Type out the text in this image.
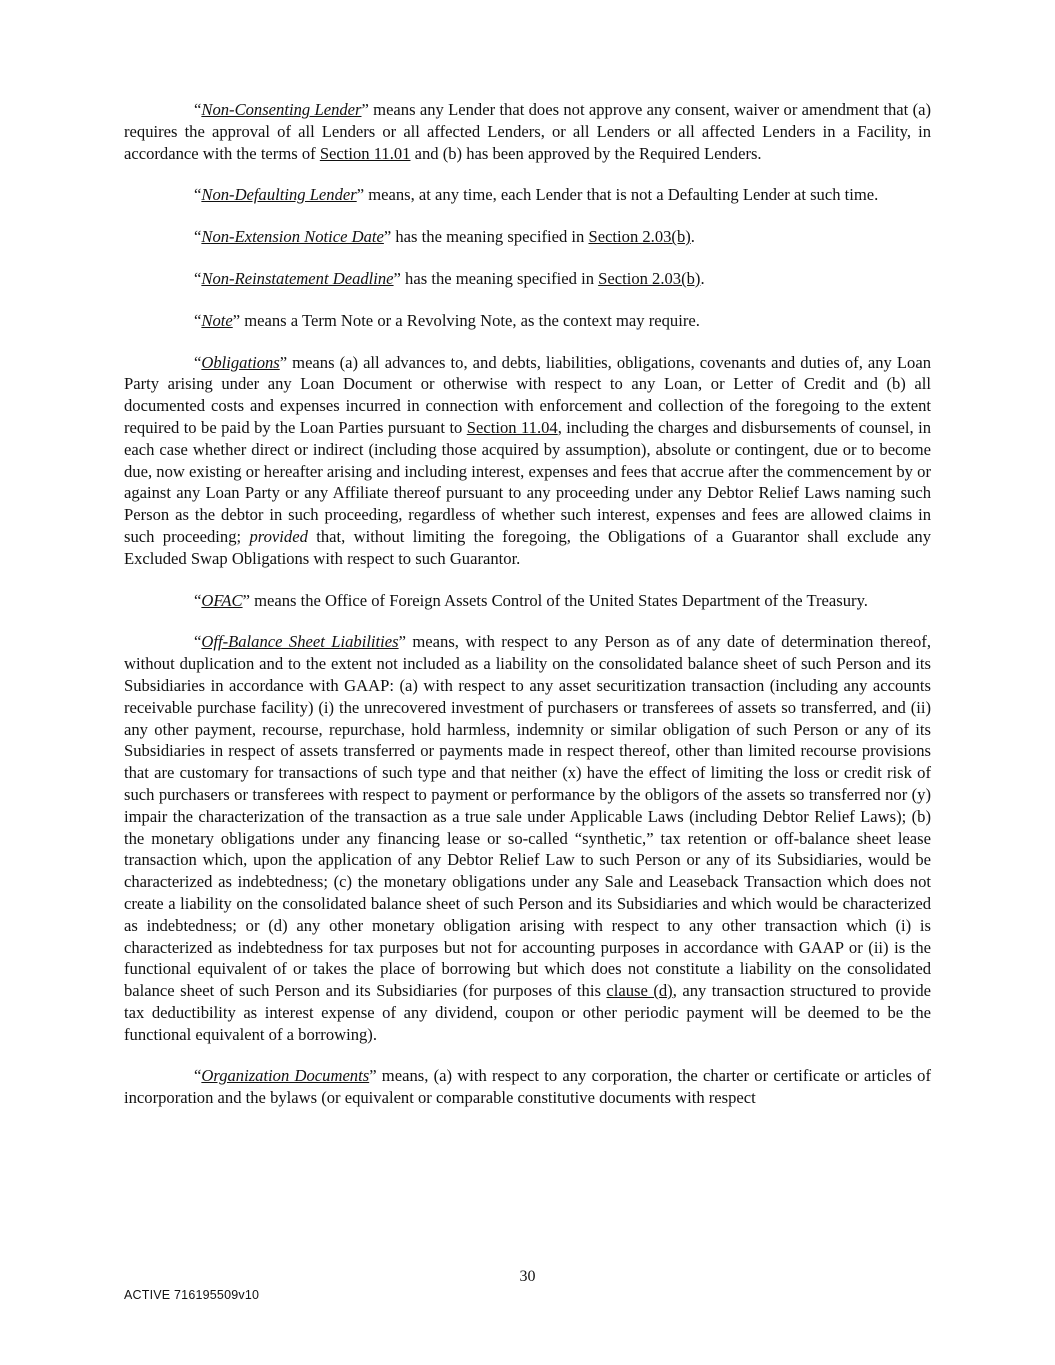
“Non-Consenting Lender” means any Lender that does not approve any consent, waiver or amendment that (a) requires the approval of all Lenders or all affected Lenders, or all Lenders or all affected Lenders in a Facility, in accordance with the terms of Section 11.01 and (b) has been approved by the Required Lenders.

“Non-Defaulting Lender” means, at any time, each Lender that is not a Defaulting Lender at such time.

“Non-Extension Notice Date” has the meaning specified in Section 2.03(b).

“Non-Reinstatement Deadline” has the meaning specified in Section 2.03(b).

“Note” means a Term Note or a Revolving Note, as the context may require.

“Obligations” means (a) all advances to, and debts, liabilities, obligations, covenants and duties of, any Loan Party arising under any Loan Document or otherwise with respect to any Loan, or Letter of Credit and (b) all documented costs and expenses incurred in connection with enforcement and collection of the foregoing to the extent required to be paid by the Loan Parties pursuant to Section 11.04, including the charges and disbursements of counsel, in each case whether direct or indirect (including those acquired by assumption), absolute or contingent, due or to become due, now existing or hereafter arising and including interest, expenses and fees that accrue after the commencement by or against any Loan Party or any Affiliate thereof pursuant to any proceeding under any Debtor Relief Laws naming such Person as the debtor in such proceeding, regardless of whether such interest, expenses and fees are allowed claims in such proceeding; provided that, without limiting the foregoing, the Obligations of a Guarantor shall exclude any Excluded Swap Obligations with respect to such Guarantor.

“OFAC” means the Office of Foreign Assets Control of the United States Department of the Treasury.

“Off-Balance Sheet Liabilities” means, with respect to any Person as of any date of determination thereof, without duplication and to the extent not included as a liability on the consolidated balance sheet of such Person and its Subsidiaries in accordance with GAAP: (a) with respect to any asset securitization transaction (including any accounts receivable purchase facility) (i) the unrecovered investment of purchasers or transferees of assets so transferred, and (ii) any other payment, recourse, repurchase, hold harmless, indemnity or similar obligation of such Person or any of its Subsidiaries in respect of assets transferred or payments made in respect thereof, other than limited recourse provisions that are customary for transactions of such type and that neither (x) have the effect of limiting the loss or credit risk of such purchasers or transferees with respect to payment or performance by the obligors of the assets so transferred nor (y) impair the characterization of the transaction as a true sale under Applicable Laws (including Debtor Relief Laws); (b) the monetary obligations under any financing lease or so-called “synthetic,” tax retention or off-balance sheet lease transaction which, upon the application of any Debtor Relief Law to such Person or any of its Subsidiaries, would be characterized as indebtedness; (c) the monetary obligations under any Sale and Leaseback Transaction which does not create a liability on the consolidated balance sheet of such Person and its Subsidiaries and which would be characterized as indebtedness; or (d) any other monetary obligation arising with respect to any other transaction which (i) is characterized as indebtedness for tax purposes but not for accounting purposes in accordance with GAAP or (ii) is the functional equivalent of or takes the place of borrowing but which does not constitute a liability on the consolidated balance sheet of such Person and its Subsidiaries (for purposes of this clause (d), any transaction structured to provide tax deductibility as interest expense of any dividend, coupon or other periodic payment will be deemed to be the functional equivalent of a borrowing).

“Organization Documents” means, (a) with respect to any corporation, the charter or certificate or articles of incorporation and the bylaws (or equivalent or comparable constitutive documents with respect

30
ACTIVE 716195509v10
